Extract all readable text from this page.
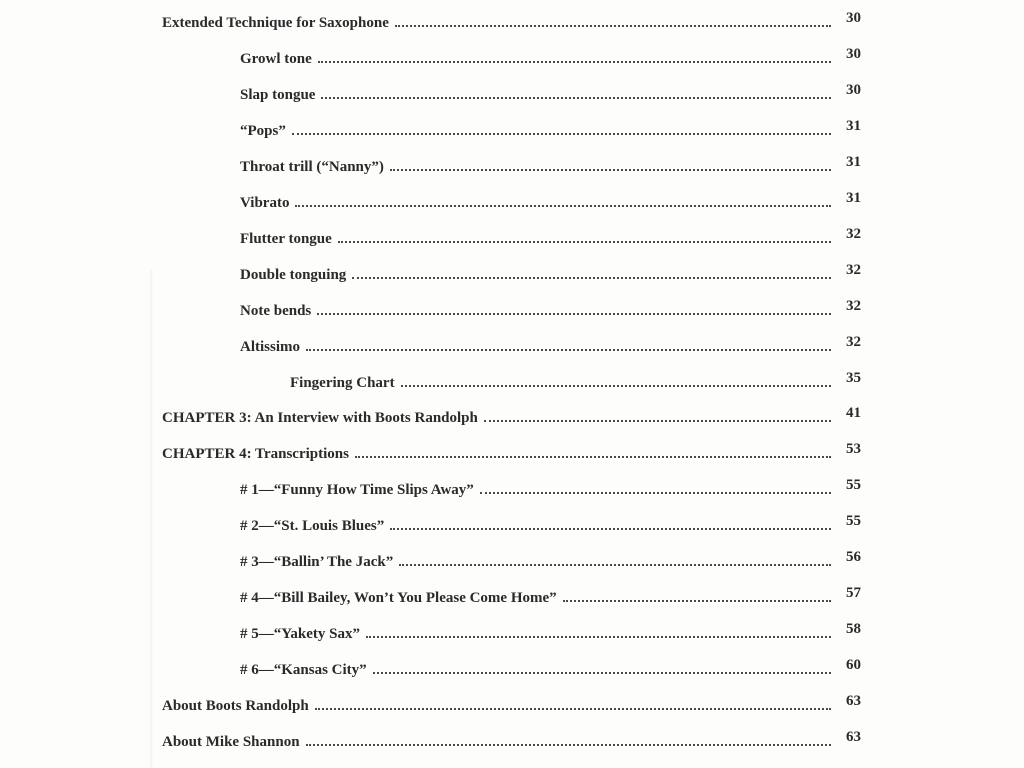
Extended Technique for Saxophone	30
Growl tone	30
Slap tongue	30
“Pops”	31
Throat trill (“Nanny”)	31
Vibrato	31
Flutter tongue	32
Double tonguing	32
Note bends	32
Altissimo	32
Fingering Chart	35
CHAPTER 3: An Interview with Boots Randolph	41
CHAPTER 4: Transcriptions	53
# 1—“Funny How Time Slips Away”	55
# 2—“St. Louis Blues”	55
# 3—“Ballin’ The Jack”	56
# 4—“Bill Bailey, Won’t You Please Come Home”	57
# 5—“Yakety Sax”	58
# 6—“Kansas City”	60
About Boots Randolph	63
About Mike Shannon	63
